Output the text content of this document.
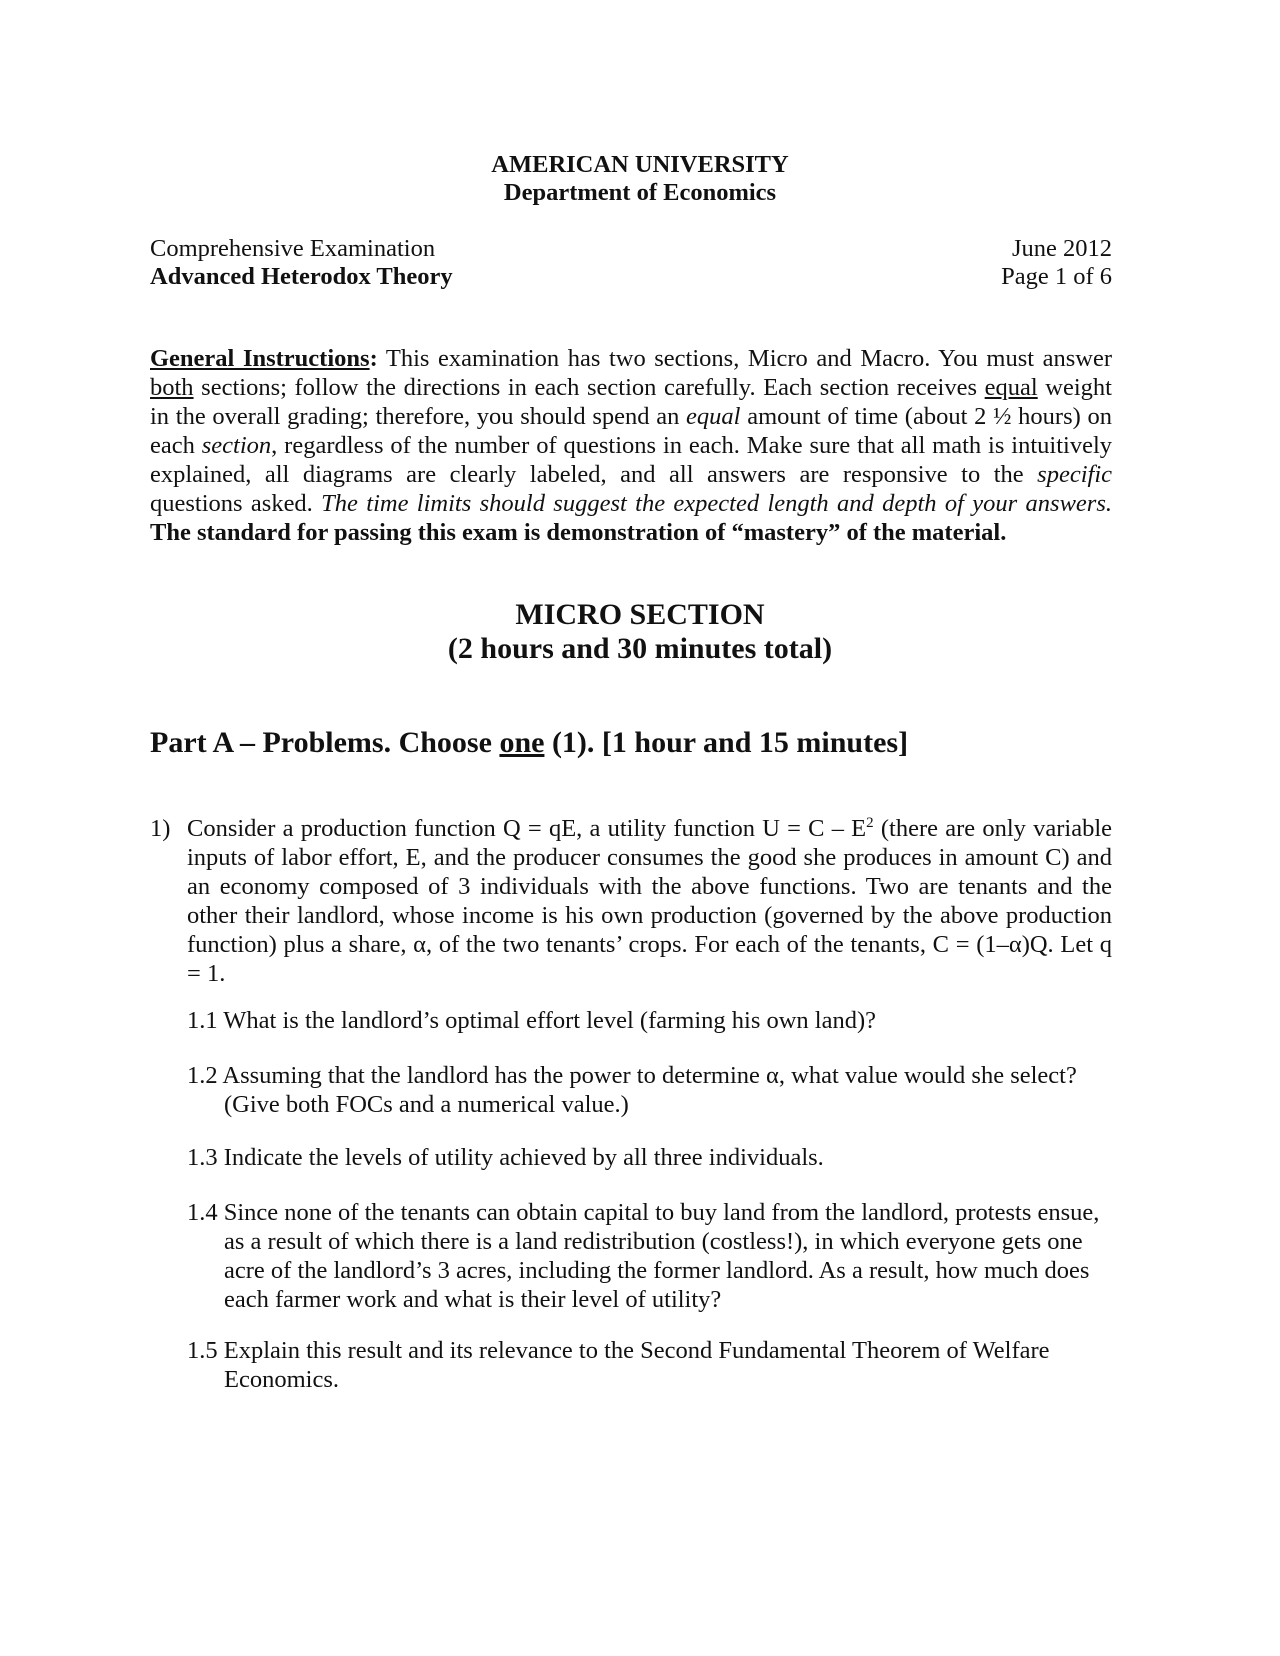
AMERICAN UNIVERSITY
Department of Economics
Comprehensive Examination
Advanced Heterodox Theory
June 2012
Page 1 of 6
General Instructions: This examination has two sections, Micro and Macro. You must answer both sections; follow the directions in each section carefully. Each section receives equal weight in the overall grading; therefore, you should spend an equal amount of time (about 2 ½ hours) on each section, regardless of the number of questions in each. Make sure that all math is intuitively explained, all diagrams are clearly labeled, and all answers are responsive to the specific questions asked. The time limits should suggest the expected length and depth of your answers. The standard for passing this exam is demonstration of “mastery” of the material.
MICRO SECTION
(2 hours and 30 minutes total)
Part A – Problems. Choose one (1). [1 hour and 15 minutes]
1) Consider a production function Q = qE, a utility function $U = C - E^2$ (there are only variable inputs of labor effort, E, and the producer consumes the good she produces in amount C) and an economy composed of 3 individuals with the above functions. Two are tenants and the other their landlord, whose income is his own production (governed by the above production function) plus a share, α, of the two tenants’ crops. For each of the tenants, C = (1–α)Q. Let q = 1.
1.1 What is the landlord’s optimal effort level (farming his own land)?
1.2 Assuming that the landlord has the power to determine α, what value would she select? (Give both FOCs and a numerical value.)
1.3 Indicate the levels of utility achieved by all three individuals.
1.4 Since none of the tenants can obtain capital to buy land from the landlord, protests ensue, as a result of which there is a land redistribution (costless!), in which everyone gets one acre of the landlord’s 3 acres, including the former landlord. As a result, how much does each farmer work and what is their level of utility?
1.5 Explain this result and its relevance to the Second Fundamental Theorem of Welfare Economics.
